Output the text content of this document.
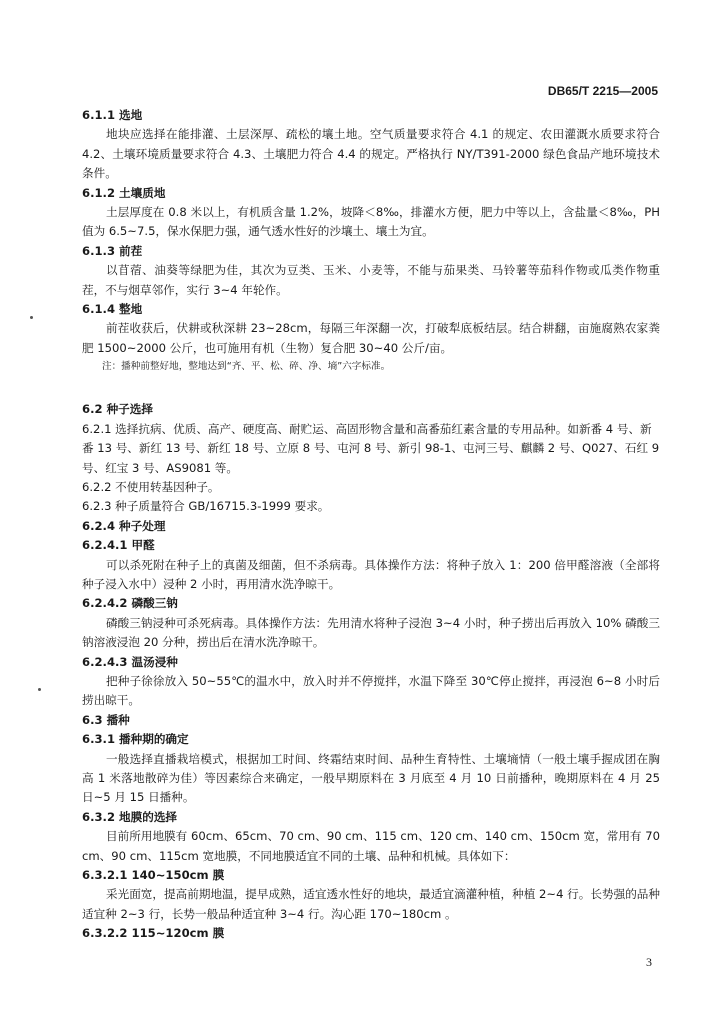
DB65/T 2215—2005

6.1.1 选地

地块应选择在能排灌、土层深厚、疏松的壤土地。空气质量要求符合 4.1 的规定、农田灌溉水质要求符合 4.2、土壤环境质量要求符合 4.3、土壤肥力符合 4.4 的规定。严格执行 NY/T391-2000 绿色食品产地环境技术条件。

6.1.2 土壤质地

土层厚度在 0.8 米以上，有机质含量 1.2%，坡降＜8‰，排灌水方便，肥力中等以上，含盐量＜8‰，PH 值为 6.5~7.5，保水保肥力强，通气透水性好的沙壤土、壤土为宜。

6.1.3 前茬

以苜蓿、油葵等绿肥为佳，其次为豆类、玉米、小麦等，不能与茄果类、马铃薯等茄科作物或瓜类作物重茬，不与烟草邻作，实行 3~4 年轮作。

6.1.4 整地

前茬收获后，伏耕或秋深耕 23~28cm，每隔三年深翻一次，打破犁底板结层。结合耕翻，亩施腐熟农家粪肥 1500~2000 公斤，也可施用有机（生物）复合肥 30~40 公斤/亩。

注：播种前整好地，整地达到“齐、平、松、碎、净、墒”六字标准。

6.2 种子选择

6.2.1 选择抗病、优质、高产、硬度高、耐贮运、高固形物含量和高番茄红素含量的专用品种。如新番 4 号、新番 13 号、新红 13 号、新红 18 号、立原 8 号、屯河 8 号、新引 98-1、屯河三号、麒麟 2 号、Q027、石红 9 号、红宝 3 号、AS9081 等。

6.2.2 不使用转基因种子。

6.2.3 种子质量符合 GB/16715.3-1999 要求。

6.2.4 种子处理

6.2.4.1 甲醛

可以杀死附在种子上的真菌及细菌，但不杀病毒。具体操作方法：将种子放入 1：200 倍甲醛溶液（全部将种子浸入水中）浸种 2 小时，再用清水洗净晾干。

6.2.4.2 磷酸三钠

磷酸三钠浸种可杀死病毒。具体操作方法：先用清水将种子浸泡 3~4 小时，种子捞出后再放入 10% 磷酸三钠溶液浸泡 20 分种，捞出后在清水洗净晾干。

6.2.4.3 温汤浸种

把种子徐徐放入 50~55℃的温水中，放入时并不停搅拌，水温下降至 30℃停止搅拌，再浸泡 6~8 小时后捞出晾干。

6.3 播种

6.3.1 播种期的确定

一般选择直播栽培模式，根据加工时间、终霜结束时间、品种生育特性、土壤墒情（一般土壤手握成团在胸高 1 米落地散碎为佳）等因素综合来确定，一般早期原料在 3 月底至 4 月 10 日前播种，晚期原料在 4 月 25 日~5 月 15 日播种。

6.3.2 地膜的选择

目前所用地膜有 60cm、65cm、70 cm、90 cm、115 cm、120 cm、140 cm、150cm 宽，常用有 70 cm、90 cm、115cm 宽地膜，不同地膜适宜不同的土壤、品种和机械。具体如下：

6.3.2.1 140~150cm 膜

采光面宽，提高前期地温，提早成熟，适宜透水性好的地块，最适宜滴灌种植，种植 2~4 行。长势强的品种适宜种 2~3 行，长势一般品种适宜种 3~4 行。沟心距 170~180cm 。

6.3.2.2 115~120cm 膜

3
